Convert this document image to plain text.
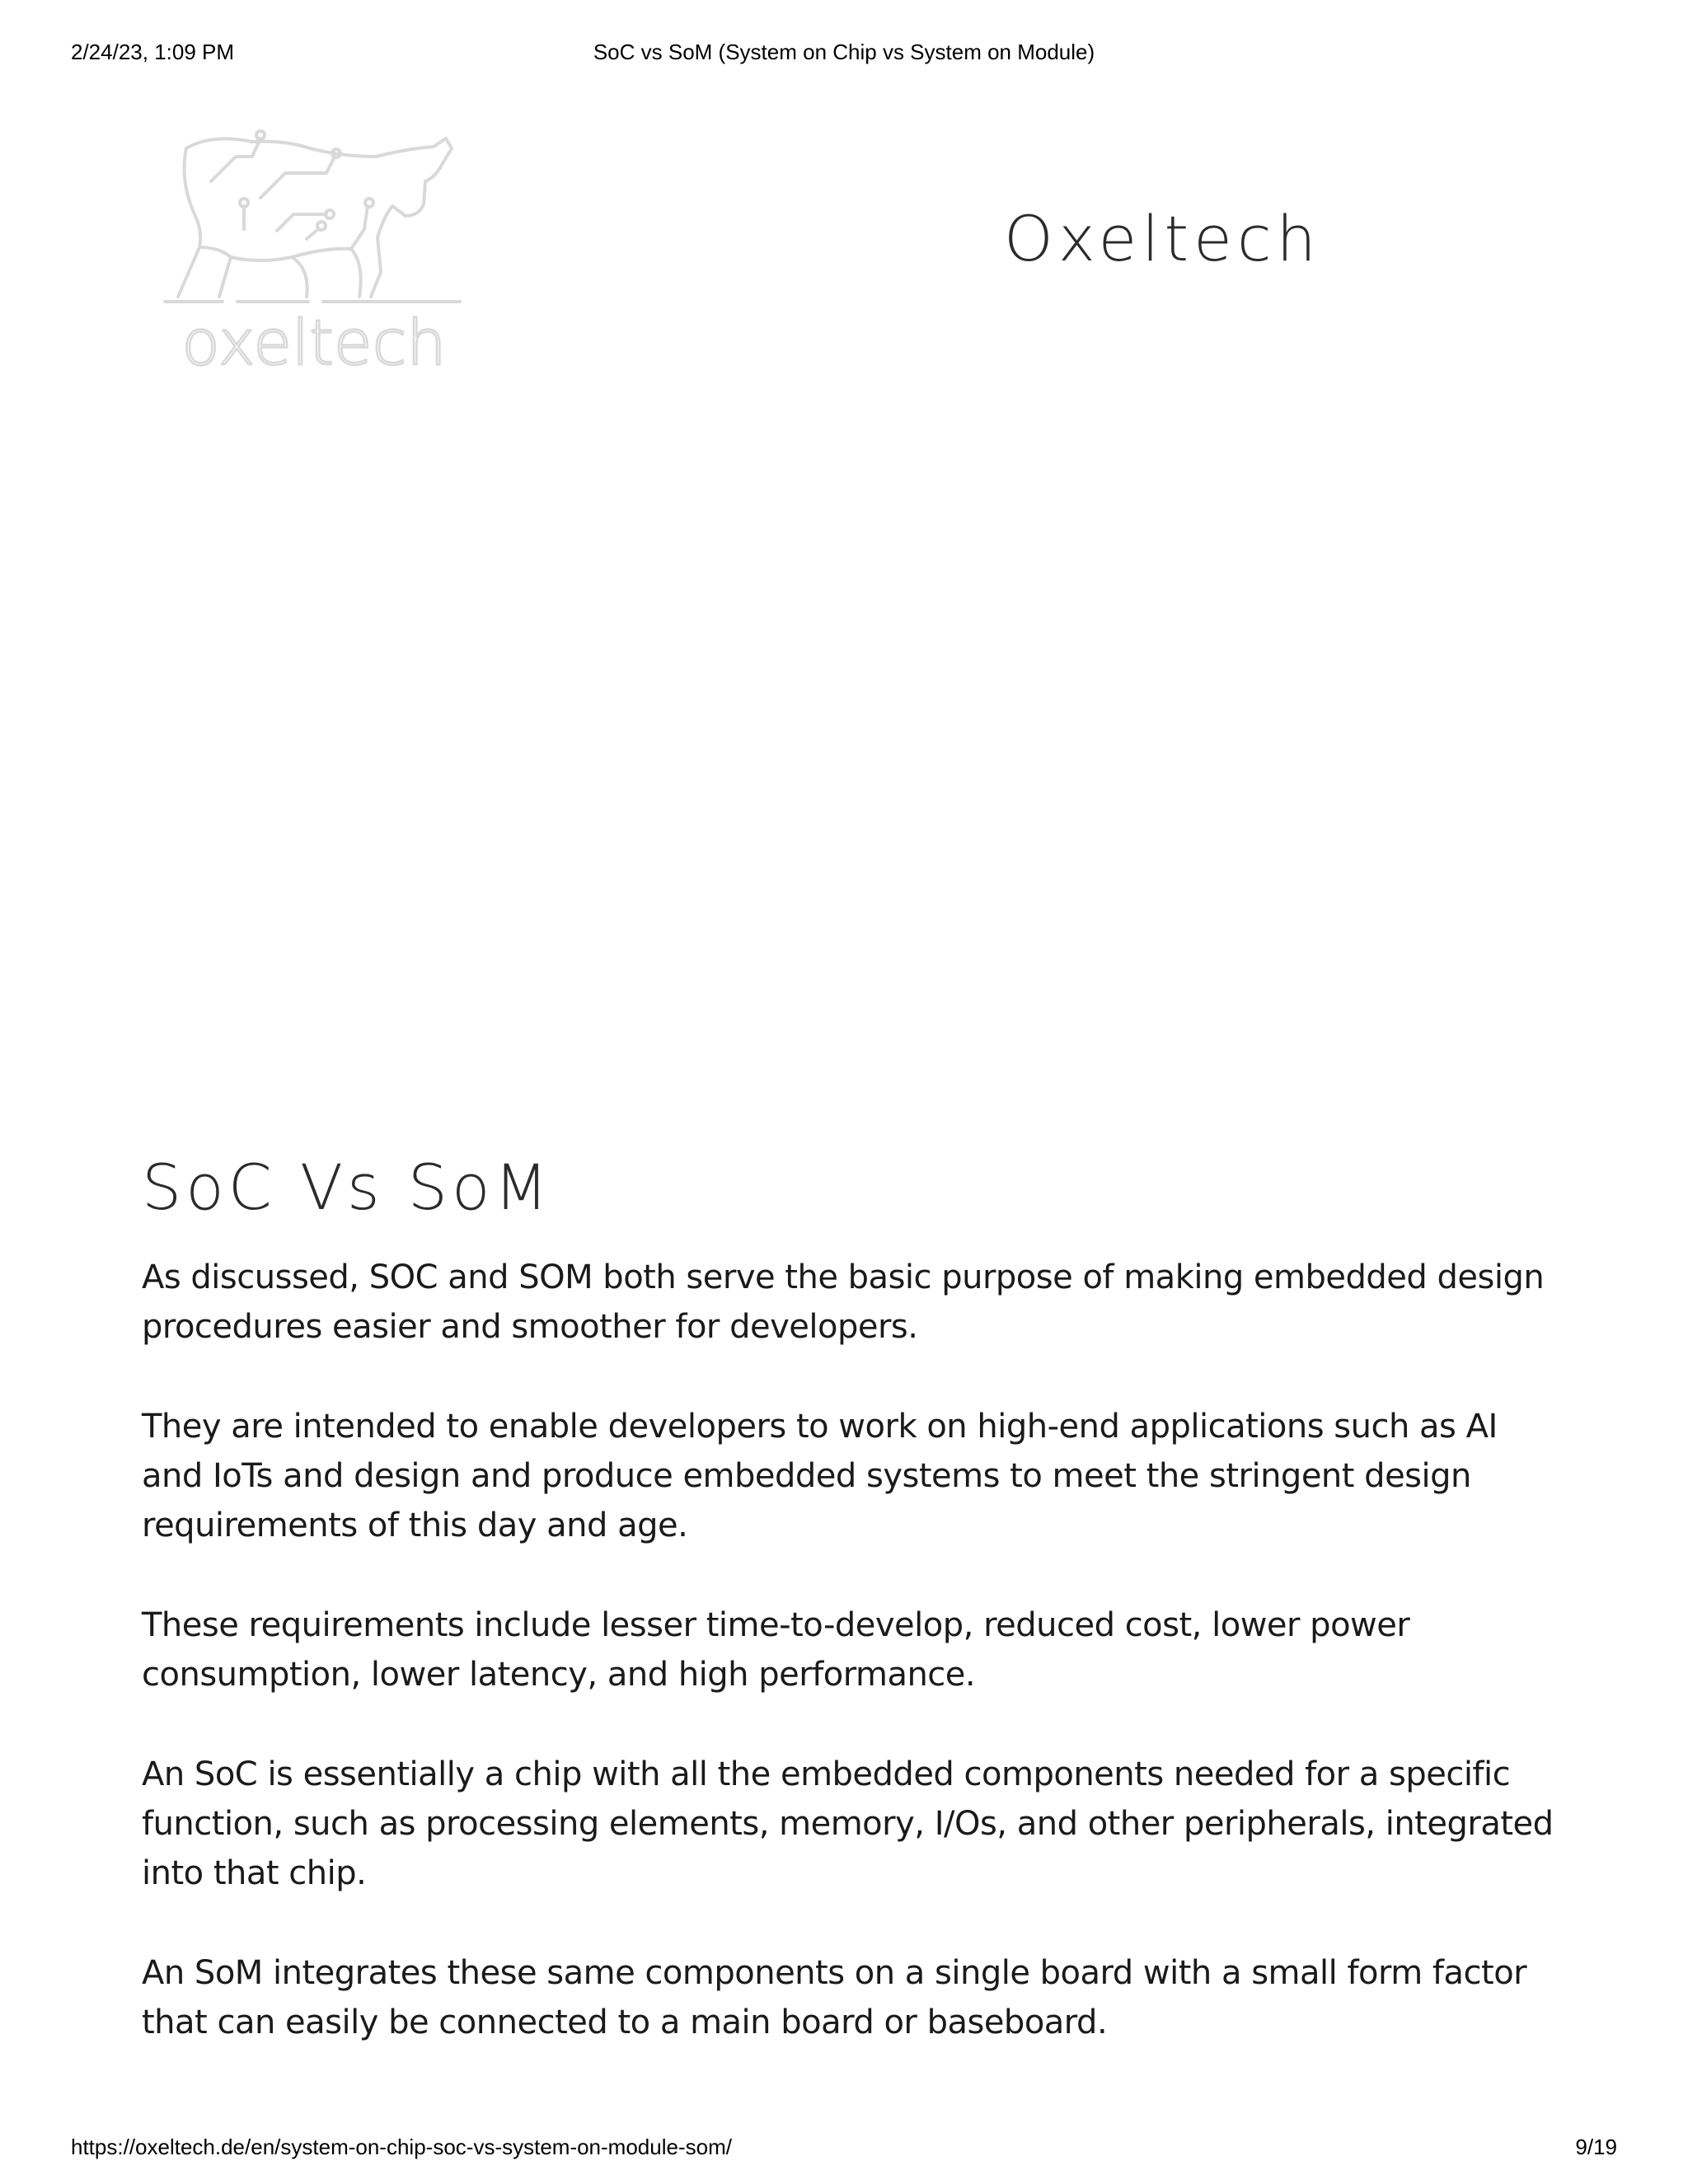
2/24/23, 1:09 PM	SoC vs SoM (System on Chip vs System on Module)
oxeltech
Oxeltech
SoC Vs SoM

As discussed, SOC and SOM both serve the basic purpose of making embedded design procedures easier and smoother for developers.

They are intended to enable developers to work on high-end applications such as AI and IoTs and design and produce embedded systems to meet the stringent design requirements of this day and age.

These requirements include lesser time-to-develop, reduced cost, lower power consumption, lower latency, and high performance.

An SoC is essentially a chip with all the embedded components needed for a specific function, such as processing elements, memory, I/Os, and other peripherals, integrated into that chip.

An SoM integrates these same components on a single board with a small form factor that can easily be connected to a main board or baseboard.

https://oxeltech.de/en/system-on-chip-soc-vs-system-on-module-som/	9/19
